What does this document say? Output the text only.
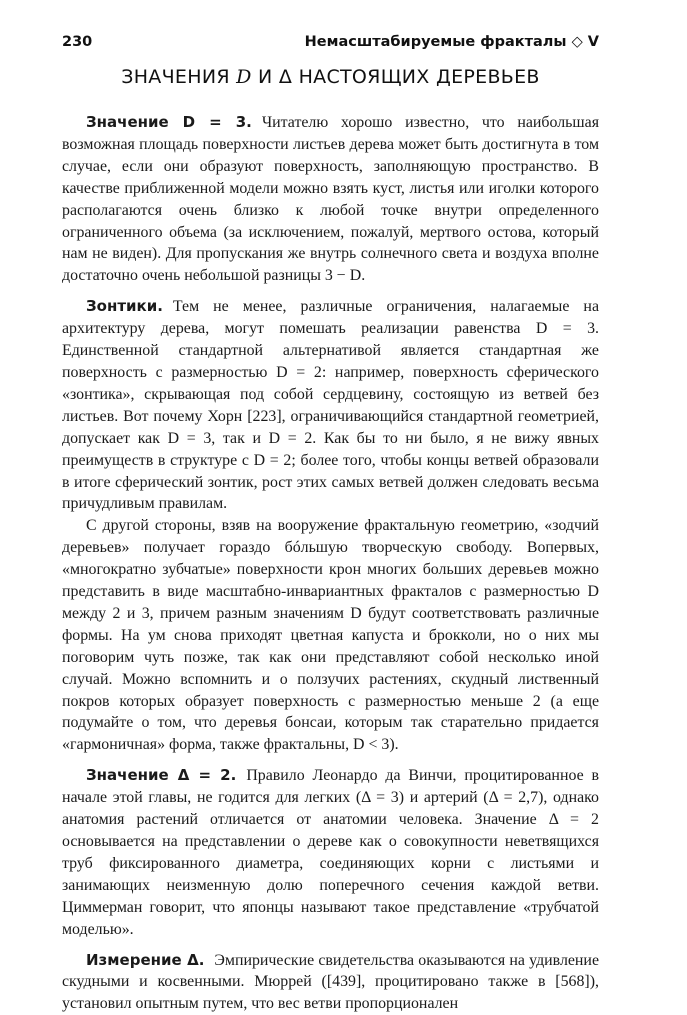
230	Немасштабируемые фракталы ◇ V
ЗНАЧЕНИЯ D И Δ НАСТОЯЩИХ ДЕРЕВЬЕВ

Значение D = 3. Читателю хорошо известно, что наибольшая возможная площадь поверхности листьев дерева может быть достигнута в том случае, если они образуют поверхность, заполняющую пространство. В качестве приближенной модели можно взять куст, листья или иголки которого располагаются очень близко к любой точке внутри определенного ограниченного объема (за исключением, пожалуй, мертвого остова, который нам не виден). Для пропускания же внутрь солнечного света и воздуха вполне достаточно очень небольшой разницы 3 − D.

Зонтики. Тем не менее, различные ограничения, налагаемые на архитектуру дерева, могут помешать реализации равенства D = 3. Единственной стандартной альтернативой является стандартная же поверхность с размерностью D = 2: например, поверхность сферического «зонтика», скрывающая под собой сердцевину, состоящую из ветвей без листьев. Вот почему Хорн [223], ограничивающийся стандартной геометрией, допускает как D = 3, так и D = 2. Как бы то ни было, я не вижу явных преимуществ в структуре с D = 2; более того, чтобы концы ветвей образовали в итоге сферический зонтик, рост этих самых ветвей должен следовать весьма причудливым правилам.

С другой стороны, взяв на вооружение фрактальную геометрию, «зодчий деревьев» получает гораздо бóльшую творческую свободу. Вопервых, «многократно зубчатые» поверхности крон многих больших деревьев можно представить в виде масштабно-инвариантных фракталов с размерностью D между 2 и 3, причем разным значениям D будут соответствовать различные формы. На ум снова приходят цветная капуста и брокколи, но о них мы поговорим чуть позже, так как они представляют собой несколько иной случай. Можно вспомнить и о ползучих растениях, скудный лиственный покров которых образует поверхность с размерностью меньше 2 (а еще подумайте о том, что деревья бонсаи, которым так старательно придается «гармоничная» форма, также фрактальны, D < 3).

Значение Δ = 2. Правило Леонардо да Винчи, процитированное в начале этой главы, не годится для легких (Δ = 3) и артерий (Δ = 2,7), однако анатомия растений отличается от анатомии человека. Значение Δ = 2 основывается на представлении о дереве как о совокупности неветвящихся труб фиксированного диаметра, соединяющих корни с листьями и занимающих неизменную долю поперечного сечения каждой ветви. Циммерман говорит, что японцы называют такое представление «трубчатой моделью».

Измерение Δ. Эмпирические свидетельства оказываются на удивление скудными и косвенными. Мюррей ([439], процитировано также в [568]), установил опытным путем, что вес ветви пропорционален
